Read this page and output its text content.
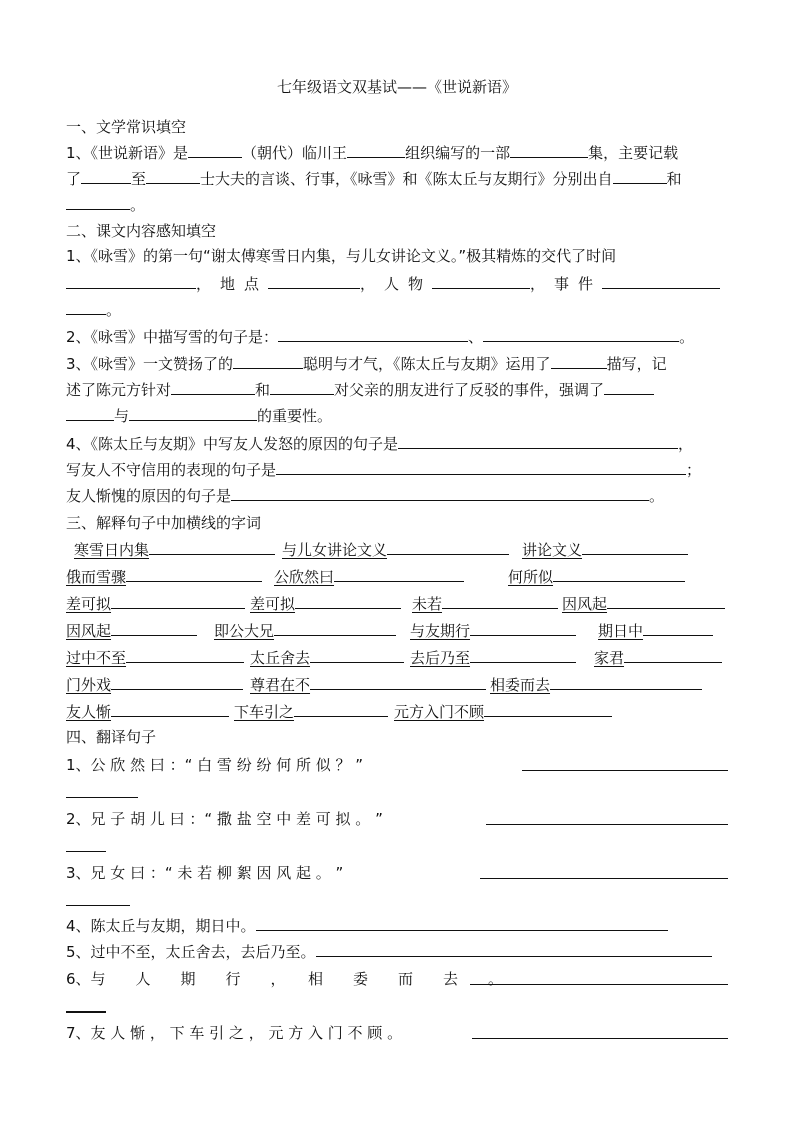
七年级语文双基试——《世说新语》
一、文学常识填空
1、《世说新语》是	（朝代）临川王	组织编写的一部	集，主要记载
了	至	士大夫的言谈、行事，《咏雪》和《陈太丘与友期行》分别出自	和
。
二、课文内容感知填空
1、《咏雪》的第一句“谢太傅寒雪日内集，与儿女讲论文义。”极其精炼的交代了时间
，地点	，人物	，事件
。
2、《咏雪》中描写雪的句子是：	、	。
3、《咏雪》一文赞扬了的	聪明与才气，《陈太丘与友期》运用了	描写，记
述了陈元方针对	和	对父亲的朋友进行了反驳的事件，强调了
与	的重要性。
4、《陈太丘与友期》中写友人发怒的原因的句子是	，
写友人不守信用的表现的句子是	；
友人惭愧的原因的句子是	。
三、解释句子中加横线的字词
寒雪日内集	与儿女讲论文义	讲论文义
俄而雪骤	公欣然曰	何所似
差可拟	差可拟	未若	因风起
因风起	即公大兄	与友期行	期日中
过中不至	太丘舍去	去后乃至	家君
门外戏	尊君在不	相委而去
友人惭	下车引之	元方入门不顾
四、翻译句子
1、公 欣 然 曰 ：“ 白 雪 纷 纷 何 所 似 ？ ”
2、兄 子 胡 儿 曰 ：“ 撒 盐 空 中 差 可 拟 。 ”
3、兄 女 曰 ：“ 未 若 柳 絮 因 风 起 。 ”
4、陈太丘与友期，期日中。
5、过中不至，太丘舍去，去后乃至。
6、与　　人　　期　　行　　，　　相　　委　　而　　去　　。
7、友 人 惭 ， 下 车 引 之 ， 元 方 入 门 不 顾 。
